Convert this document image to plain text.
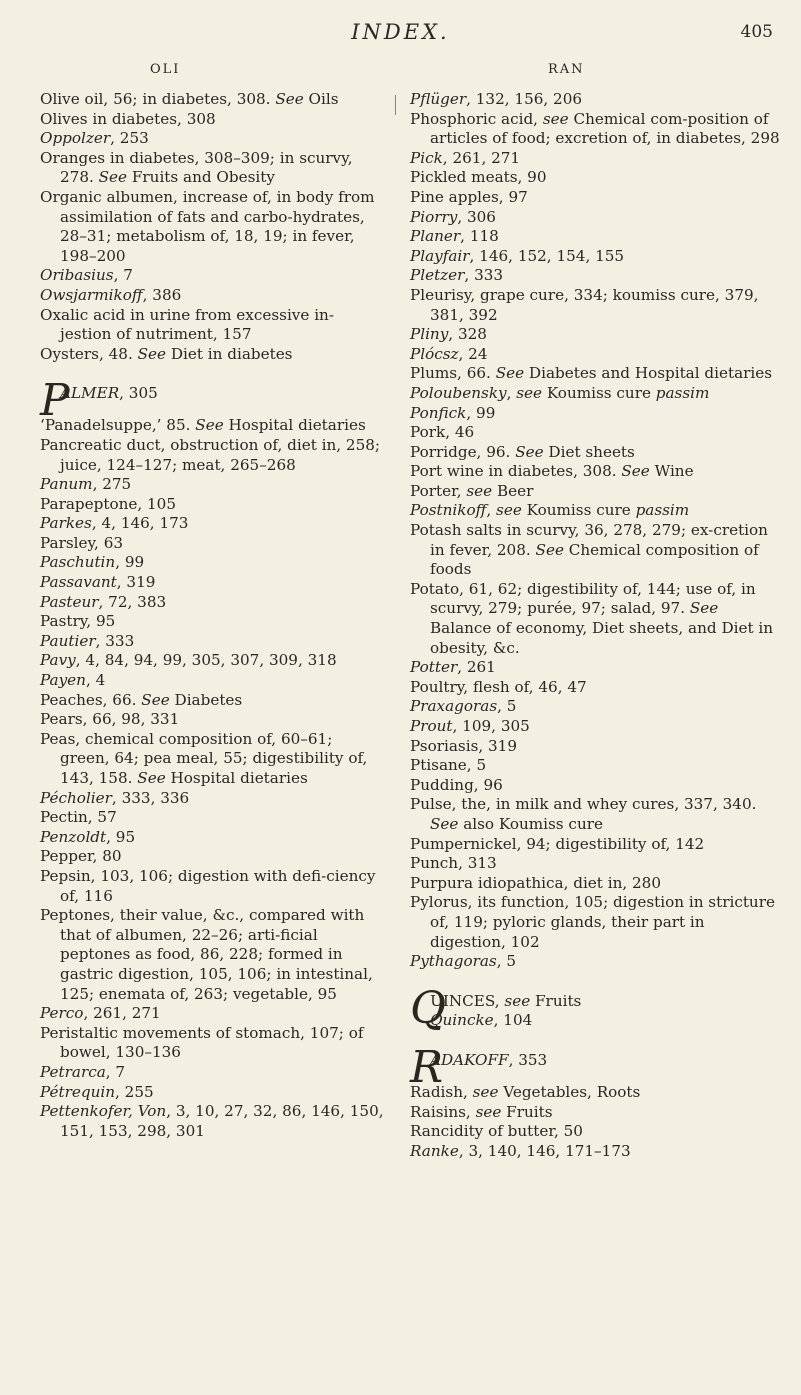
INDEX.	405
OLI	RAN
Olive oil, 56; in diabetes, 308. See Oils
Olives in diabetes, 308
Oppolzer, 253
Oranges in diabetes, 308–309; in scurvy, 278. See Fruits and Obesity
Organic albumen, increase of, in body from assimilation of fats and carbo-hydrates, 28–31; metabolism of, 18, 19; in fever, 198–200
Oribasius, 7
Owsjarmikoff, 386
Oxalic acid in urine from excessive in-jestion of nutriment, 157
Oysters, 48. See Diet in diabetes
P
ALMER, 305
‘Panadelsuppe,’ 85. See Hospital dietaries
Pancreatic duct, obstruction of, diet in, 258; juice, 124–127; meat, 265–268
Panum, 275
Parapeptone, 105
Parkes, 4, 146, 173
Parsley, 63
Paschutin, 99
Passavant, 319
Pasteur, 72, 383
Pastry, 95
Pautier, 333
Pavy, 4, 84, 94, 99, 305, 307, 309, 318
Payen, 4
Peaches, 66. See Diabetes
Pears, 66, 98, 331
Peas, chemical composition of, 60–61; green, 64; pea meal, 55; digestibility of, 143, 158. See Hospital dietaries
Pécholier, 333, 336
Pectin, 57
Penzoldt, 95
Pepper, 80
Pepsin, 103, 106; digestion with defi-ciency of, 116
Peptones, their value, &c., compared with that of albumen, 22–26; arti-ficial peptones as food, 86, 228; formed in gastric digestion, 105, 106; in intestinal, 125; enemata of, 263; vegetable, 95
Perco, 261, 271
Peristaltic movements of stomach, 107; of bowel, 130–136
Petrarca, 7
Pétrequin, 255
Pettenkofer, Von, 3, 10, 27, 32, 86, 146, 150, 151, 153, 298, 301
Pflüger, 132, 156, 206
Phosphoric acid, see Chemical com-position of articles of food; excretion of, in diabetes, 298
Pick, 261, 271
Pickled meats, 90
Pine apples, 97
Piorry, 306
Planer, 118
Playfair, 146, 152, 154, 155
Pletzer, 333
Pleurisy, grape cure, 334; koumiss cure, 379, 381, 392
Pliny, 328
Plócsz, 24
Plums, 66. See Diabetes and Hospital dietaries
Poloubensky, see Koumiss cure passim
Ponfick, 99
Pork, 46
Porridge, 96. See Diet sheets
Port wine in diabetes, 308. See Wine
Porter, see Beer
Postnikoff, see Koumiss cure passim
Potash salts in scurvy, 36, 278, 279; ex-cretion in fever, 208. See Chemical composition of foods
Potato, 61, 62; digestibility of, 144; use of, in scurvy, 279; purée, 97; salad, 97. See Balance of economy, Diet sheets, and Diet in obesity, &c.
Potter, 261
Poultry, flesh of, 46, 47
Praxagoras, 5
Prout, 109, 305
Psoriasis, 319
Ptisane, 5
Pudding, 96
Pulse, the, in milk and whey cures, 337, 340. See also Koumiss cure
Pumpernickel, 94; digestibility of, 142
Punch, 313
Purpura idiopathica, diet in, 280
Pylorus, its function, 105; digestion in stricture of, 119; pyloric glands, their part in digestion, 102
Pythagoras, 5
Q
UINCES, see Fruits
Quincke, 104
R
ADAKOFF, 353
Radish, see Vegetables, Roots
Raisins, see Fruits
Rancidity of butter, 50
Ranke, 3, 140, 146, 171–173
